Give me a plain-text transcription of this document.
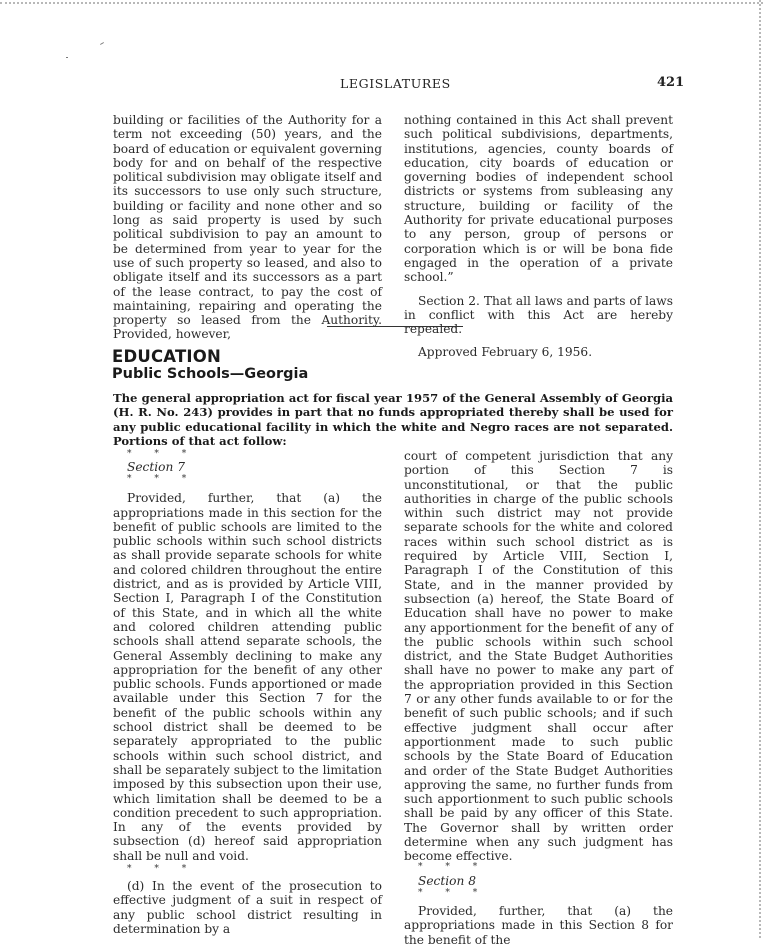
LEGISLATURES	421

building or facilities of the Authority for a term not exceeding (50) years, and the board of education or equivalent governing body for and on behalf of the respective political subdivision may obligate itself and its successors to use only such structure, building or facility and none other and so long as said property is used by such political subdivision to pay an amount to be determined from year to year for the use of such property so leased, and also to obligate itself and its successors as a part of the lease contract, to pay the cost of maintaining, repairing and operating the property so leased from the Authority. Provided, however,

nothing contained in this Act shall prevent such political subdivisions, departments, institutions, agencies, county boards of education, city boards of education or governing bodies of independent school districts or systems from subleasing any structure, building or facility of the Authority for private educational purposes to any person, group of persons or corporation which is or will be bona fide engaged in the operation of a private school.”

Section 2. That all laws and parts of laws in conflict with this Act are hereby repealed.

Approved February 6, 1956.

EDUCATION
Public Schools—Georgia
The general appropriation act for fiscal year 1957 of the General Assembly of Georgia (H. R. No. 243) provides in part that no funds appropriated thereby shall be used for any public educational facility in which the white and Negro races are not separated. Portions of that act follow:
* * *

Section 7

* * *

Provided, further, that (a) the appropriations made in this section for the benefit of public schools are limited to the public schools within such school districts as shall provide separate schools for white and colored children throughout the entire district, and as is provided by Article VIII, Section I, Paragraph I of the Constitution of this State, and in which all the white and colored children attending public schools shall attend separate schools, the General Assembly declining to make any appropriation for the benefit of any other public schools. Funds apportioned or made available under this Section 7 for the benefit of the public schools within any school district shall be deemed to be separately appropriated to the public schools within such school district, and shall be separately subject to the limitation imposed by this subsection upon their use, which limitation shall be deemed to be a condition precedent to such appropriation. In any of the events provided by subsection (d) hereof said appropriation shall be null and void.

* * *

(d) In the event of the prosecution to effective judgment of a suit in respect of any public school district resulting in determination by a

court of competent jurisdiction that any portion of this Section 7 is unconstitutional, or that the public authorities in charge of the public schools within such district may not provide separate schools for the white and colored races within such school district as is required by Article VIII, Section I, Paragraph I of the Constitution of this State, and in the manner provided by subsection (a) hereof, the State Board of Education shall have no power to make any apportionment for the benefit of any of the public schools within such school district, and the State Budget Authorities shall have no power to make any part of the appropriation provided in this Section 7 or any other funds available to or for the benefit of such public schools; and if such effective judgment shall occur after apportionment made to such public schools by the State Board of Education and order of the State Budget Authorities approving the same, no further funds from such apportionment to such public schools shall be paid by any officer of this State. The Governor shall by written order determine when any such judgment has become effective.

* * *

Section 8

* * *

Provided, further, that (a) the appropriations made in this Section 8 for the benefit of the
